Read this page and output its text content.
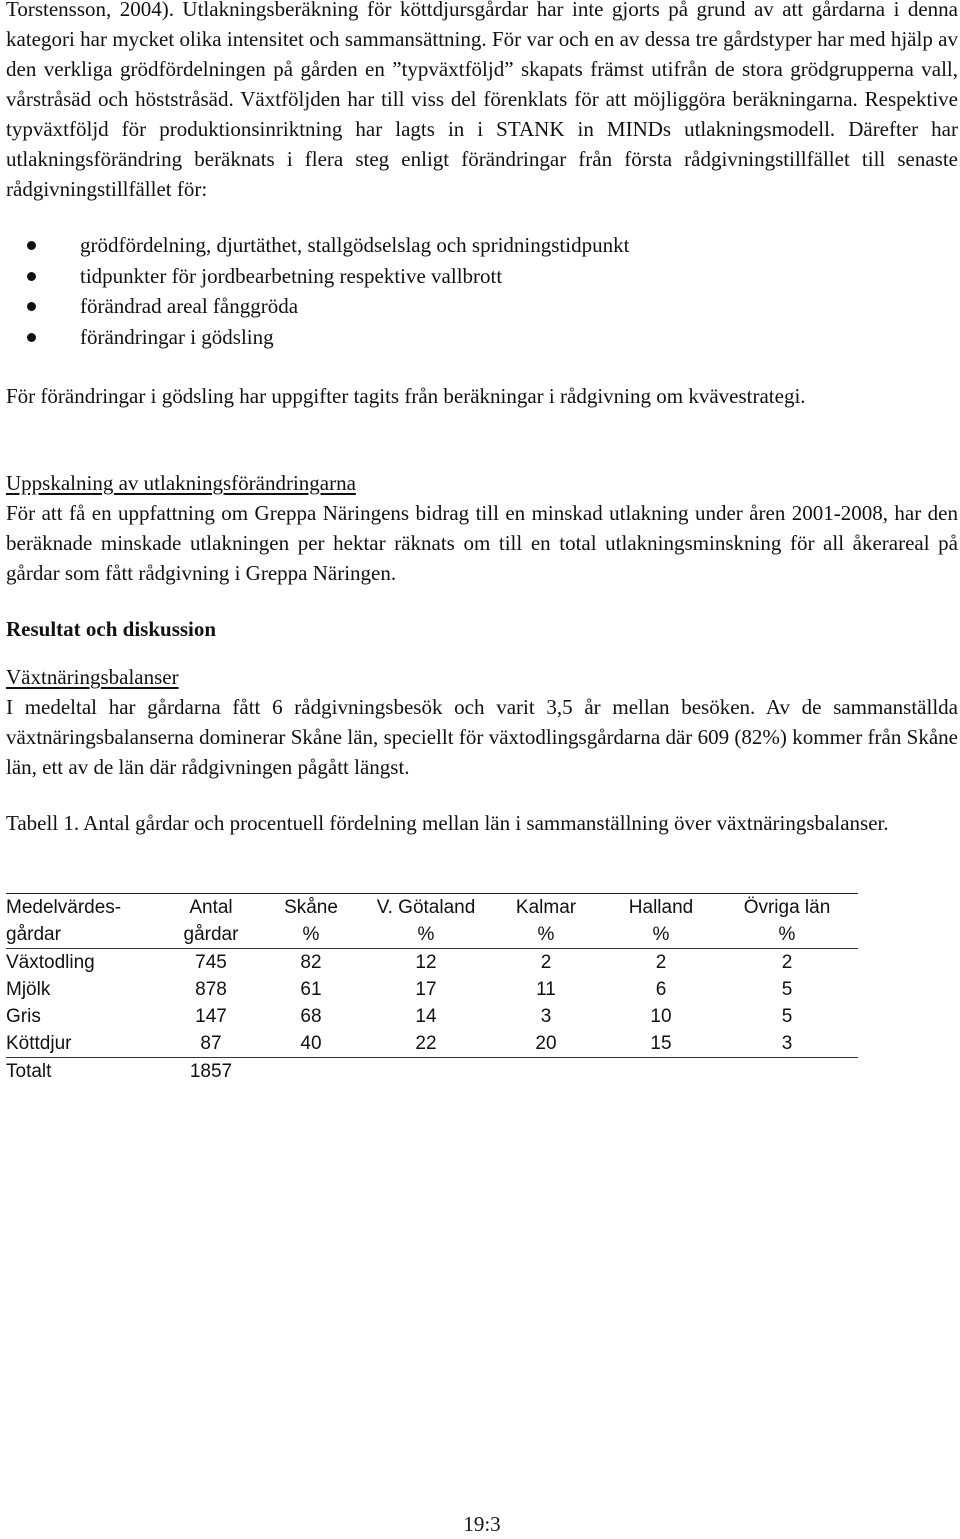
Torstensson, 2004). Utlakningsberäkning för köttdjursgårdar har inte gjorts på grund av att gårdarna i denna kategori har mycket olika intensitet och sammansättning. För var och en av dessa tre gårdstyper har med hjälp av den verkliga grödfördelningen på gården en ”typväxtföljd” skapats främst utifrån de stora grödgrupperna vall, vårstråsäd och höststråsäd. Växtföljden har till viss del förenklats för att möjliggöra beräkningarna. Respektive typväxtföljd för produktionsinriktning har lagts in i STANK in MINDs utlakningsmodell. Därefter har utlakningsförändring beräknats i flera steg enligt förändringar från första rådgivningstillfället till senaste rådgivningstillfället för:

grödfördelning, djurtäthet, stallgödselslag och spridningstidpunkt
tidpunkter för jordbearbetning respektive vallbrott
förändrad areal fånggröda
förändringar i gödsling

För förändringar i gödsling har uppgifter tagits från beräkningar i rådgivning om kvävestrategi.

Uppskalning av utlakningsförändringarna

För att få en uppfattning om Greppa Näringens bidrag till en minskad utlakning under åren 2001-2008, har den beräknade minskade utlakningen per hektar räknats om till en total utlakningsminskning för all åkerareal på gårdar som fått rådgivning i Greppa Näringen.

Resultat och diskussion

Växtnäringsbalanser

I medeltal har gårdarna fått 6 rådgivningsbesök och varit 3,5 år mellan besöken. Av de sammanställda växtnäringsbalanserna dominerar Skåne län, speciellt för växtodlingsgårdarna där 609 (82%) kommer från Skåne län, ett av de län där rådgivningen pågått längst.

Tabell 1. Antal gårdar och procentuell fördelning mellan län i sammanställning över växtnäringsbalanser.

Medelvärdes-	Antal	Skåne	V. Götaland	Kalmar	Halland	Övriga län
gårdar	gårdar	%	%	%	%	%
Växtodling	745	82	12	2	2	2
Mjölk	878	61	17	11	6	5
Gris	147	68	14	3	10	5
Köttdjur	87	40	22	20	15	3
Totalt	1857					
19:3
